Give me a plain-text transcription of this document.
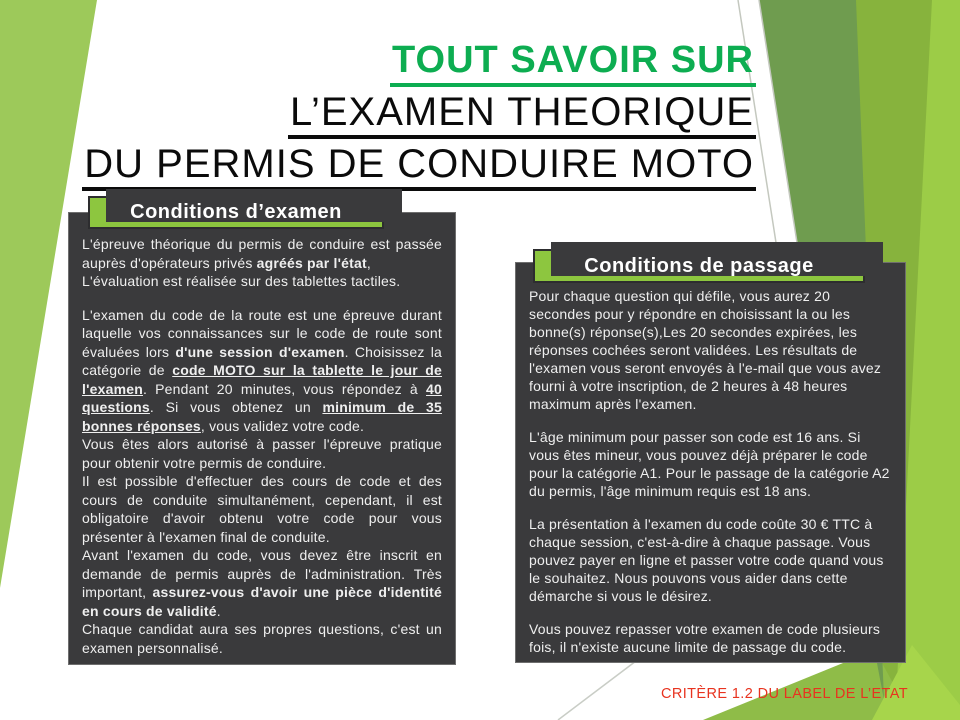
TOUT SAVOIR SUR
L’EXAMEN THEORIQUE
DU PERMIS DE CONDUIRE MOTO
L'épreuve théorique du permis de conduire est passée auprès d'opérateurs privés agréés par l'état,
L'évaluation est réalisée sur des tablettes tactiles.
L'examen du code de la route est une épreuve durant laquelle vos connaissances sur le code de route sont évaluées lors d'une session d'examen. Choisissez la catégorie de code MOTO sur la tablette le jour de l'examen. Pendant 20 minutes, vous répondez à 40 questions. Si vous obtenez un minimum de 35 bonnes réponses, vous validez votre code.
Vous êtes alors autorisé à passer l'épreuve pratique pour obtenir votre permis de conduire.
Il est possible d'effectuer des cours de code et des cours de conduite simultanément, cependant, il est obligatoire d'avoir obtenu votre code pour vous présenter à l'examen final de conduite.
Avant l'examen du code, vous devez être inscrit en demande de permis auprès de l'administration. Très important, assurez-vous d'avoir une pièce d'identité en cours de validité.
Chaque candidat aura ses propres questions, c'est un examen personnalisé.
Conditions d’examen
Pour chaque question qui défile, vous aurez 20 secondes pour y répondre en choisissant la ou les bonne(s) réponse(s),Les 20 secondes expirées, les réponses cochées seront validées. Les résultats de l'examen vous seront envoyés à l'e-mail que vous avez fourni à votre inscription, de 2 heures à 48 heures maximum après l'examen.
L'âge minimum pour passer son code est 16 ans. Si vous êtes mineur, vous pouvez déjà préparer le code pour la catégorie A1. Pour le passage de la catégorie A2 du permis, l'âge minimum requis est 18 ans.
La présentation à l'examen du code coûte 30 € TTC à chaque session, c'est-à-dire à chaque passage. Vous pouvez payer en ligne et passer votre code quand vous le souhaitez. Nous pouvons vous aider dans cette démarche si vous le désirez.
Vous pouvez repasser votre examen de code plusieurs fois, il n'existe aucune limite de passage du code.
Conditions de passage
CRITÈRE 1.2 DU LABEL DE L’ETAT
